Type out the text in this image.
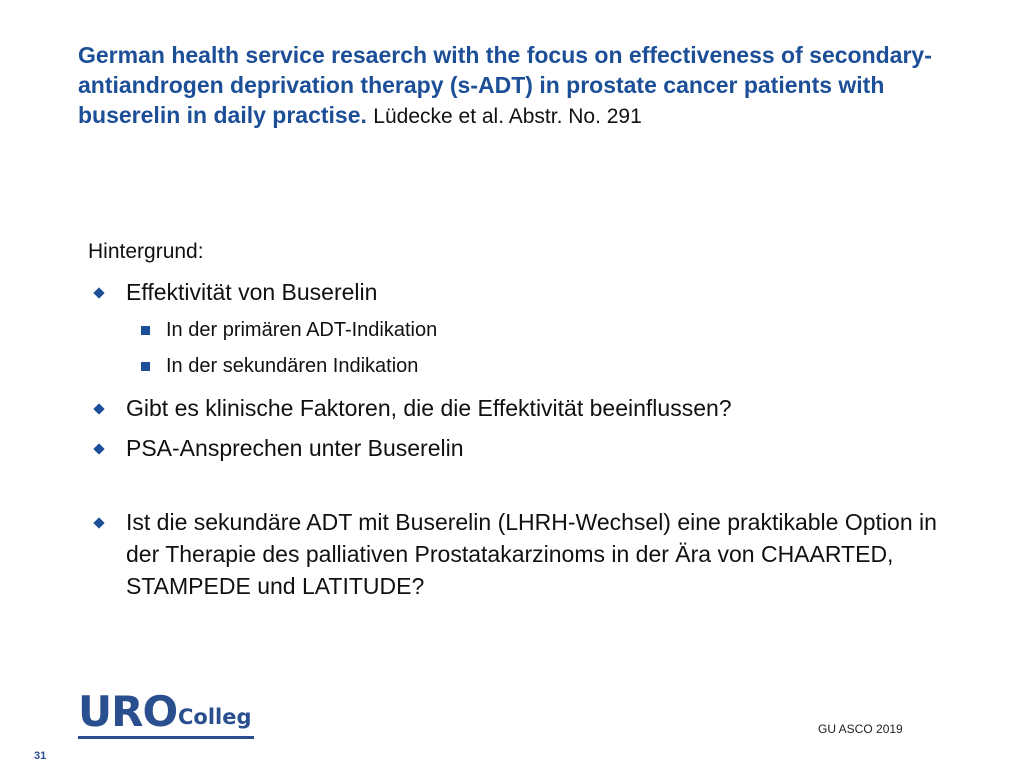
German health service resaerch with the focus on effectiveness of secondary-antiandrogen deprivation therapy (s-ADT) in prostate cancer patients with buserelin in daily practise. Lüdecke et al. Abstr. No. 291

Hintergrund:

Effektivität von Buserelin
In der primären ADT-Indikation
In der sekundären Indikation
Gibt es klinische Faktoren, die die Effektivität beeinflussen?
PSA-Ansprechen unter Buserelin
Ist die sekundäre ADT mit Buserelin (LHRH-Wechsel) eine praktikable Option in der Therapie des palliativen Prostatakarzinoms in der Ära von CHAARTED, STAMPEDE und LATITUDE?
URO Colleg	GU ASCO 2019
31
